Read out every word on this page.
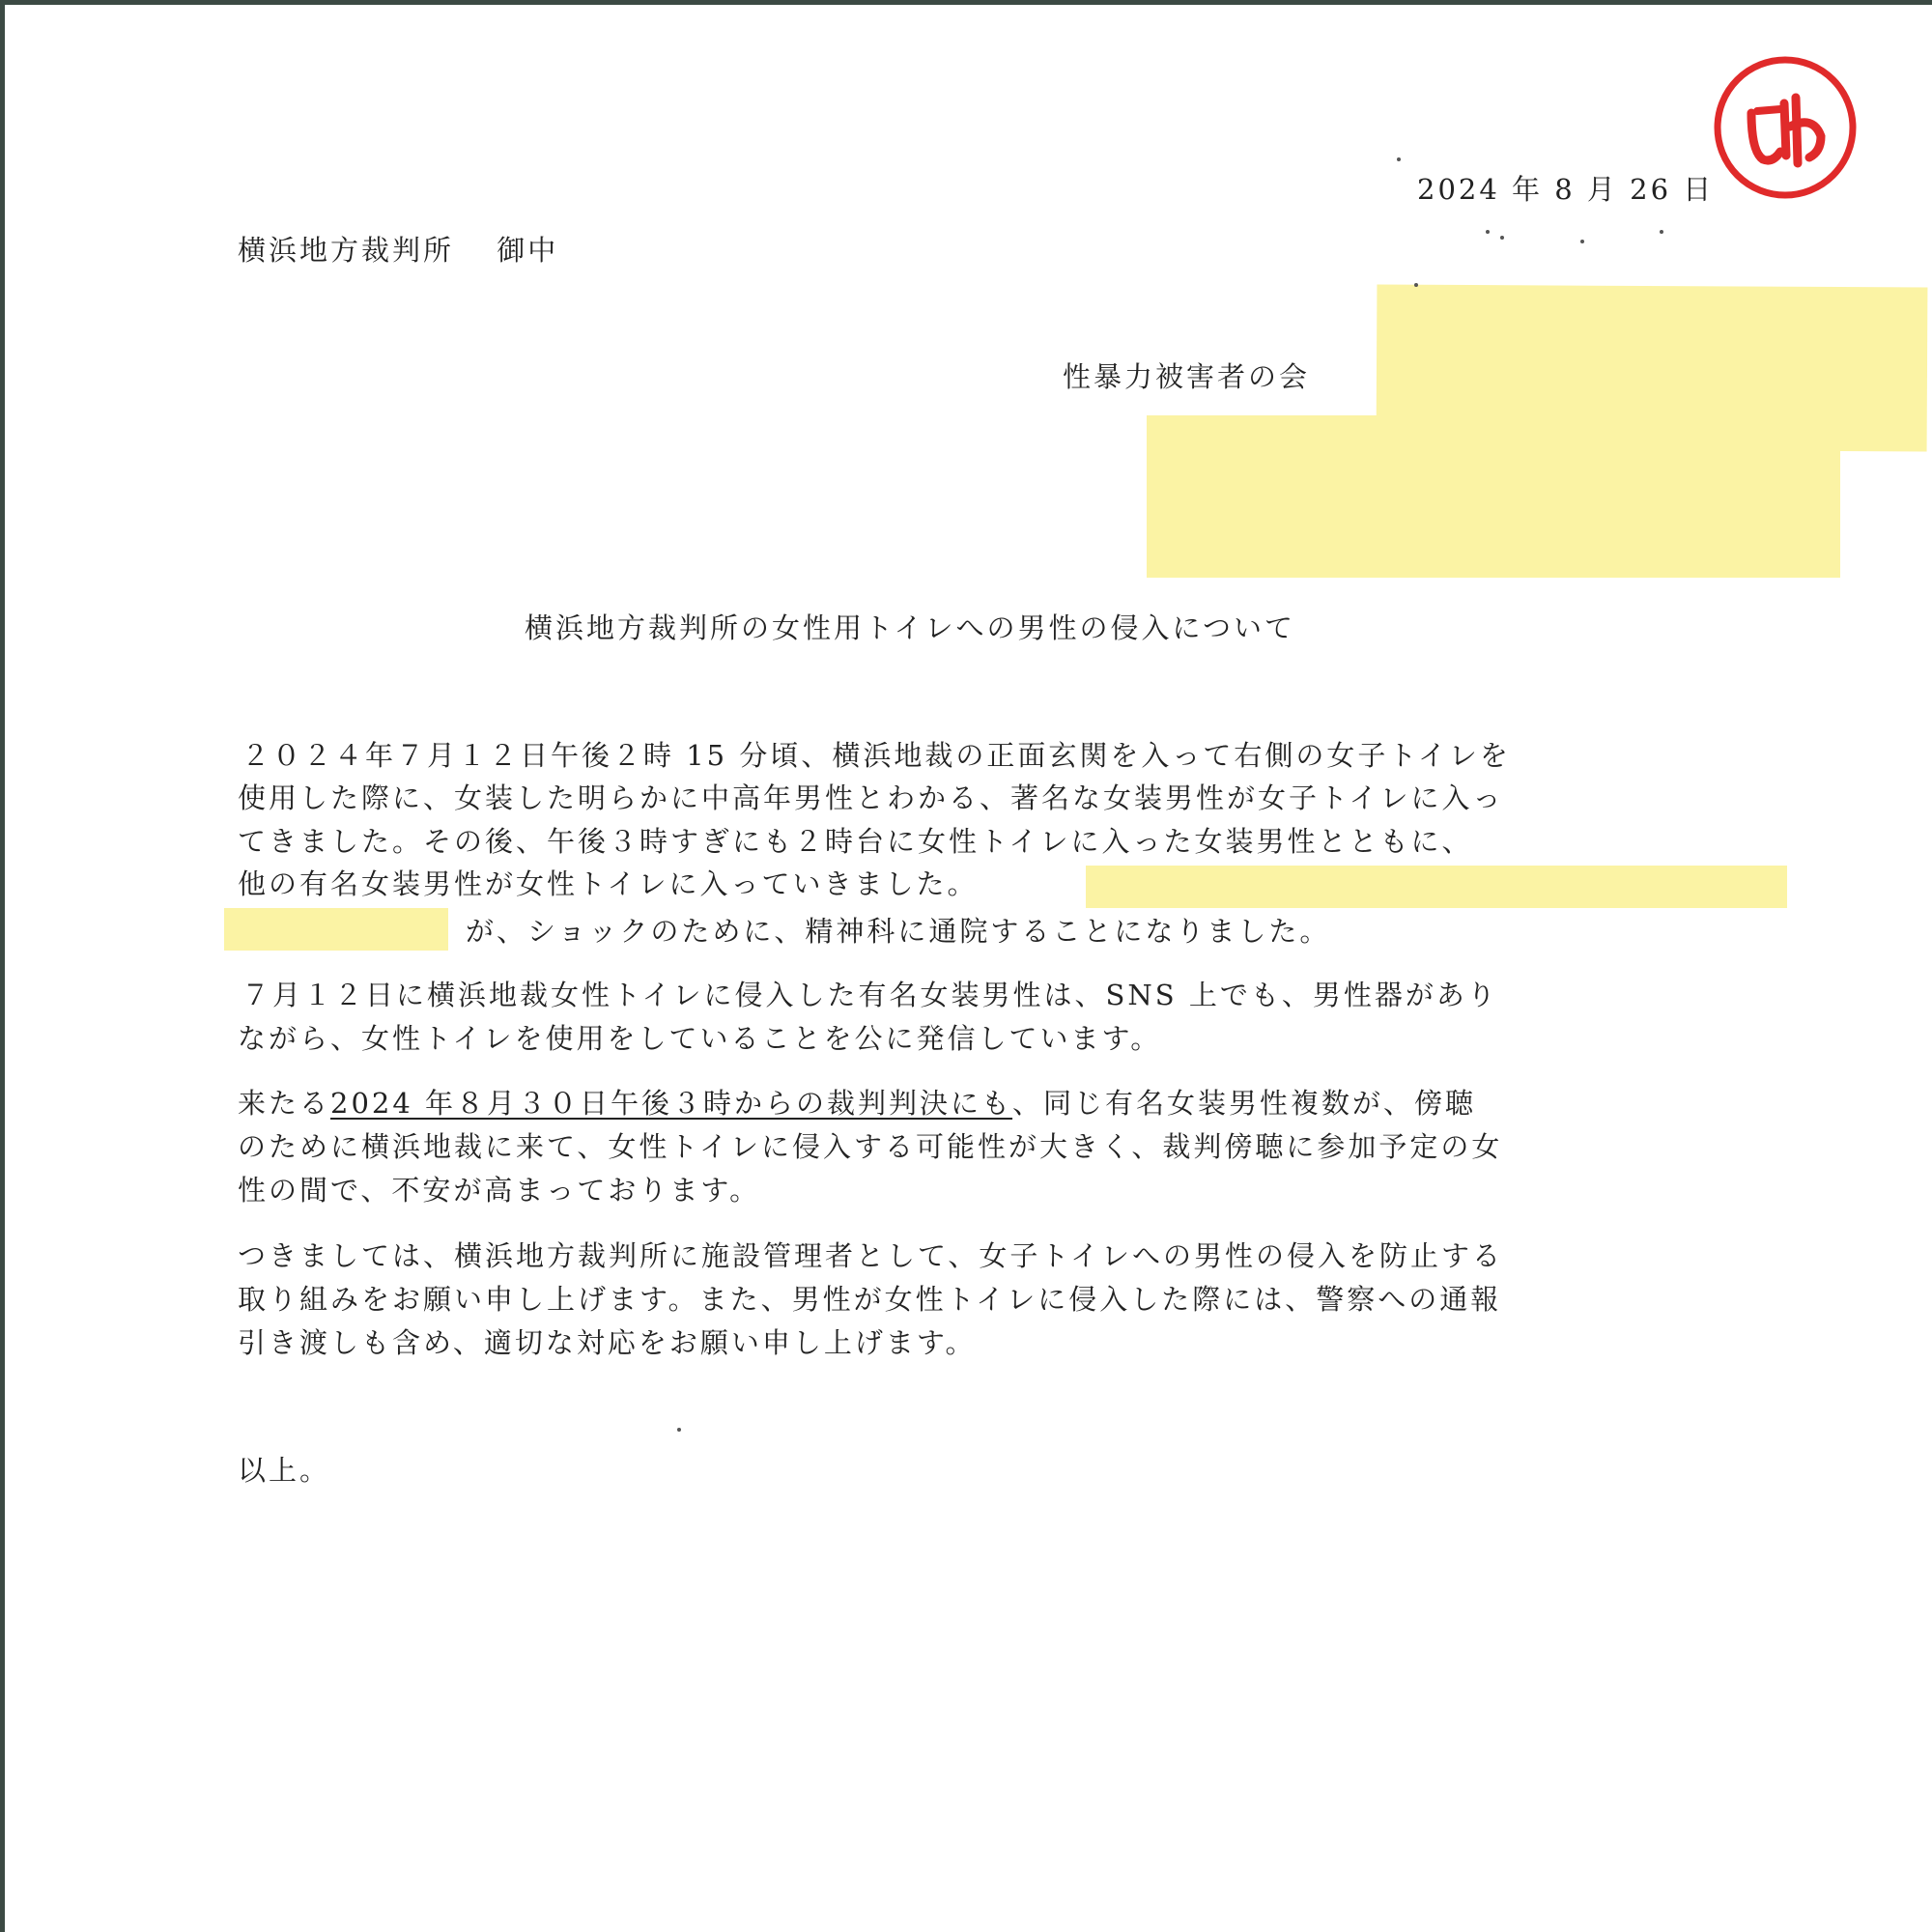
2024 年 8 月 26 日
横浜地方裁判所　 御中
性暴力被害者の会
横浜地方裁判所の女性用トイレへの男性の侵入について
２０２４年７月１２日午後２時 15 分頃、横浜地裁の正面玄関を入って右側の女子トイレを
使用した際に、女装した明らかに中高年男性とわかる、著名な女装男性が女子トイレに入っ
てきました。その後、午後３時すぎにも２時台に女性トイレに入った女装男性とともに、
他の有名女装男性が女性トイレに入っていきました。
が、ショックのために、精神科に通院することになりました。
７月１２日に横浜地裁女性トイレに侵入した有名女装男性は、SNS 上でも、男性器があり
ながら、女性トイレを使用をしていることを公に発信しています。
来たる2024 年８月３０日午後３時からの裁判判決にも、同じ有名女装男性複数が、傍聴
のために横浜地裁に来て、女性トイレに侵入する可能性が大きく、裁判傍聴に参加予定の女
性の間で、不安が高まっております。
つきましては、横浜地方裁判所に施設管理者として、女子トイレへの男性の侵入を防止する
取り組みをお願い申し上げます。また、男性が女性トイレに侵入した際には、警察への通報
引き渡しも含め、適切な対応をお願い申し上げます。
以上。
